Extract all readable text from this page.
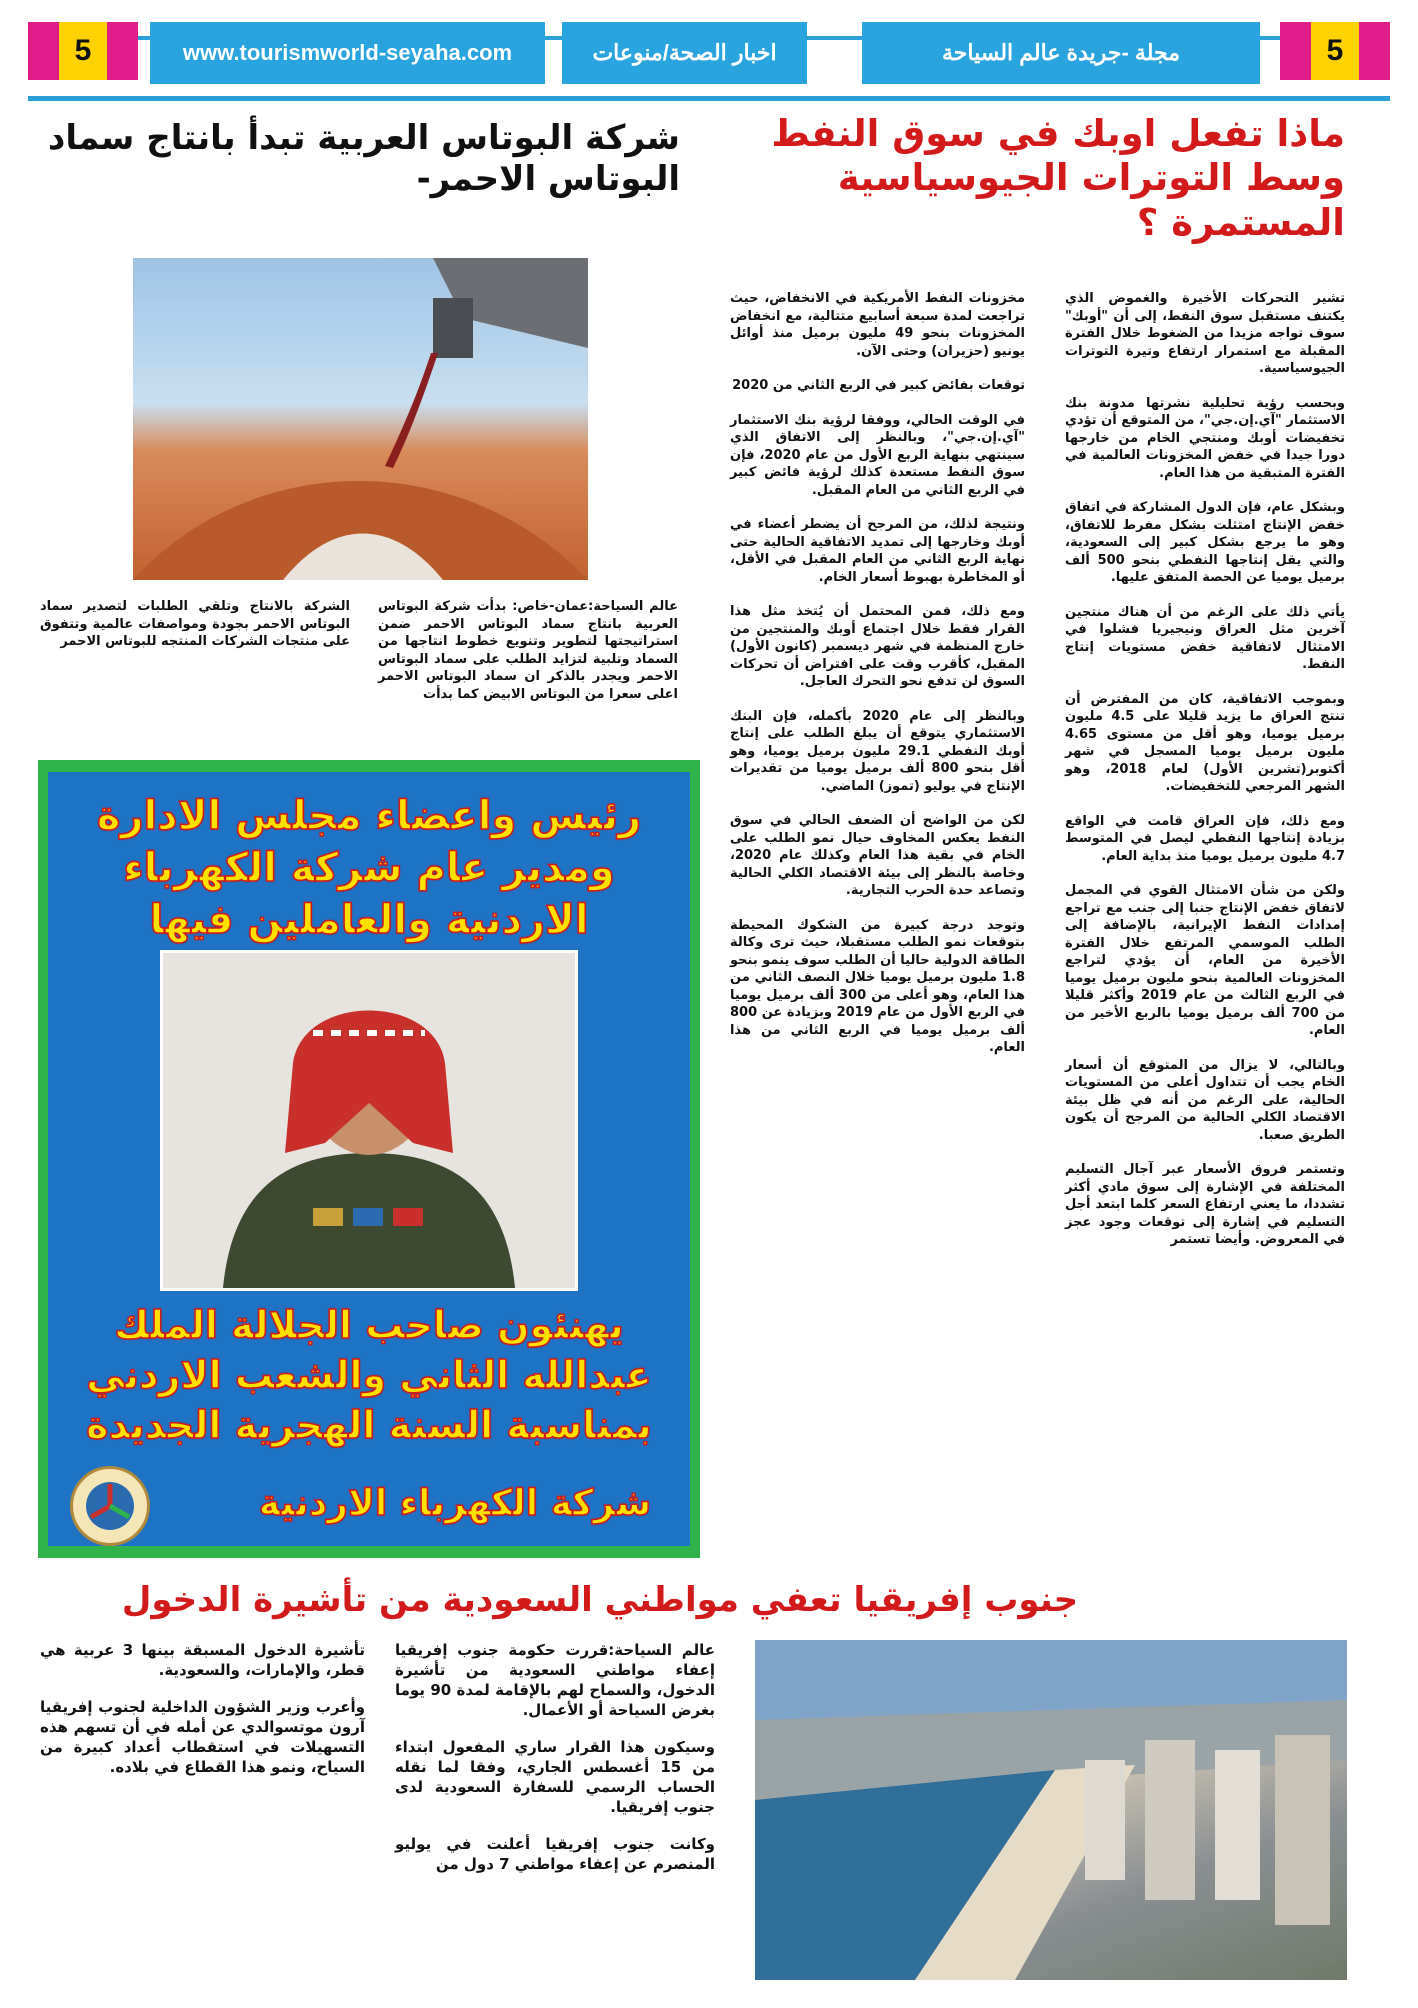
5	www.tourismworld-seyaha.com	اخبار الصحة/منوعات	مجلة -جريدة عالم السياحة	5
ماذا تفعل اوبك في سوق النفط وسط التوترات الجيوسياسية المستمرة ؟

تشير التحركات الأخيرة والغموض الذي يكتنف مستقبل سوق النفط، إلى أن "أوبك" سوف تواجه مزيدا من الضغوط خلال الفترة المقبلة مع استمرار ارتفاع وتيرة التوترات الجيوسياسية.

وبحسب رؤية تحليلية نشرتها مدونة بنك الاستثمار "آي.إن.جي"، من المتوقع أن تؤدي تخفيضات أوبك ومنتجي الخام من خارجها دورا جيدا في خفض المخزونات العالمية في الفترة المتبقية من هذا العام.

وبشكل عام، فإن الدول المشاركة في اتفاق خفض الإنتاج امتثلت بشكل مفرط للاتفاق، وهو ما يرجع بشكل كبير إلى السعودية، والتي يقل إنتاجها النفطي بنحو 500 ألف برميل يوميا عن الحصة المتفق عليها.

يأتي ذلك على الرغم من أن هناك منتجين آخرين مثل العراق ونيجيريا فشلوا في الامتثال لاتفاقية خفض مستويات إنتاج النفط.

وبموجب الاتفاقية، كان من المفترض أن تنتج العراق ما يزيد قليلا على 4.5 مليون برميل يوميا، وهو أقل من مستوى 4.65 مليون برميل يوميا المسجل في شهر أكتوبر(تشرين الأول) لعام 2018، وهو الشهر المرجعي للتخفيضات.

ومع ذلك، فإن العراق قامت في الواقع بزيادة إنتاجها النفطي ليصل في المتوسط 4.7 مليون برميل يوميا منذ بداية العام.

ولكن من شأن الامتثال القوي في المجمل لاتفاق خفض الإنتاج جنبا إلى جنب مع تراجع إمدادات النفط الإيرانية، بالإضافة إلى الطلب الموسمي المرتفع خلال الفترة الأخيرة من العام، أن يؤدي لتراجع المخزونات العالمية بنحو مليون برميل يوميا في الربع الثالث من عام 2019 وأكثر قليلا من 700 ألف برميل يوميا بالربع الأخير من العام.

وبالتالي، لا يزال من المتوقع أن أسعار الخام يجب أن تتداول أعلى من المستويات الحالية، على الرغم من أنه في ظل بيئة الاقتصاد الكلي الحالية من المرجح أن يكون الطريق صعبا.

وتستمر فروق الأسعار عبر آجال التسليم المختلفة في الإشارة إلى سوق مادي أكثر تشددا، ما يعني ارتفاع السعر كلما ابتعد أجل التسليم في إشارة إلى توقعات وجود عجز في المعروض. وأيضا تستمر

مخزونات النفط الأمريكية في الانخفاض، حيث تراجعت لمدة سبعة أسابيع متتالية، مع انخفاض المخزونات بنحو 49 مليون برميل منذ أوائل يونيو (حزيران) وحتى الآن.

توقعات بفائض كبير في الربع الثاني من 2020

في الوقت الحالي، ووفقا لرؤية بنك الاستثمار "آي.إن.جي"، وبالنظر إلى الاتفاق الذي سينتهي بنهاية الربع الأول من عام 2020، فإن سوق النفط مستعدة كذلك لرؤية فائض كبير في الربع الثاني من العام المقبل.

ونتيجة لذلك، من المرجح أن يضطر أعضاء في أوبك وخارجها إلى تمديد الاتفاقية الحالية حتى نهاية الربع الثاني من العام المقبل في الأقل، أو المخاطرة بهبوط أسعار الخام.

ومع ذلك، فمن المحتمل أن يُتخذ مثل هذا القرار فقط خلال اجتماع أوبك والمنتجين من خارج المنظمة في شهر ديسمبر (كانون الأول) المقبل، كأقرب وقت على افتراض أن تحركات السوق لن تدفع نحو التحرك العاجل.

وبالنظر إلى عام 2020 بأكمله، فإن البنك الاستثماري يتوقع أن يبلغ الطلب على إنتاج أوبك النفطي 29.1 مليون برميل يوميا، وهو أقل بنحو 800 ألف برميل يوميا من تقديرات الإنتاج في يوليو (تموز) الماضي.

لكن من الواضح أن الضعف الحالي في سوق النفط يعكس المخاوف حيال نمو الطلب على الخام في بقية هذا العام وكذلك عام 2020، وخاصة بالنظر إلى بيئة الاقتصاد الكلي الحالية وتصاعد حدة الحرب التجارية.

وتوجد درجة كبيرة من الشكوك المحيطة بتوقعات نمو الطلب مستقبلا، حيث ترى وكالة الطاقة الدولية حاليا أن الطلب سوف ينمو بنحو 1.8 مليون برميل يوميا خلال النصف الثاني من هذا العام، وهو أعلى من 300 ألف برميل يوميا في الربع الأول من عام 2019 وبزيادة عن 800 ألف برميل يوميا في الربع الثاني من هذا العام.

شركة البوتاس العربية تبدأ بانتاج سماد البوتاس الاحمر-

عالم السياحة:عمان-خاص: بدأت شركة البوتاس العربية بانتاج سماد البوتاس الاحمر ضمن استراتيجتها لتطوير وتنويع خطوط انتاجها من السماد وتلبية لتزايد الطلب على سماد البوتاس الاحمر ويجدر بالذكر ان سماد البوتاس الاحمر اعلى سعرا من البوتاس الابيض كما بدأت

الشركة بالانتاج وتلقي الطلبات لتصدير سماد البوتاس الاحمر بجودة ومواصفات عالمية وتتفوق على منتجات الشركات المنتجه للبوتاس الاحمر

رئيس واعضاء مجلس الادارة ومدير عام شركة الكهرباء الاردنية والعاملين فيها
يهنئون صاحب الجلالة الملك عبدالله الثاني والشعب الاردني بمناسبة السنة الهجرية الجديدة
شركة الكهرباء الاردنية
جنوب إفريقيا تعفي مواطني السعودية من تأشيرة الدخول

عالم السياحة:قررت حكومة جنوب إفريقيا إعفاء مواطني السعودية من تأشيرة الدخول، والسماح لهم بالإقامة لمدة 90 يوما بغرض السياحة أو الأعمال.

وسيكون هذا القرار ساري المفعول ابتداء من 15 أغسطس الجاري، وفقا لما نقله الحساب الرسمي للسفارة السعودية لدى جنوب إفريقيا.

وكانت جنوب إفريقيا أعلنت في يوليو المنصرم عن إعفاء مواطني 7 دول من

تأشيرة الدخول المسبقة بينها 3 عربية هي قطر، والإمارات، والسعودية.

وأعرب وزير الشؤون الداخلية لجنوب إفريقيا آرون موتسوالدي عن أمله في أن تسهم هذه التسهيلات في استقطاب أعداد كبيرة من السياح، ونمو هذا القطاع في بلاده.
